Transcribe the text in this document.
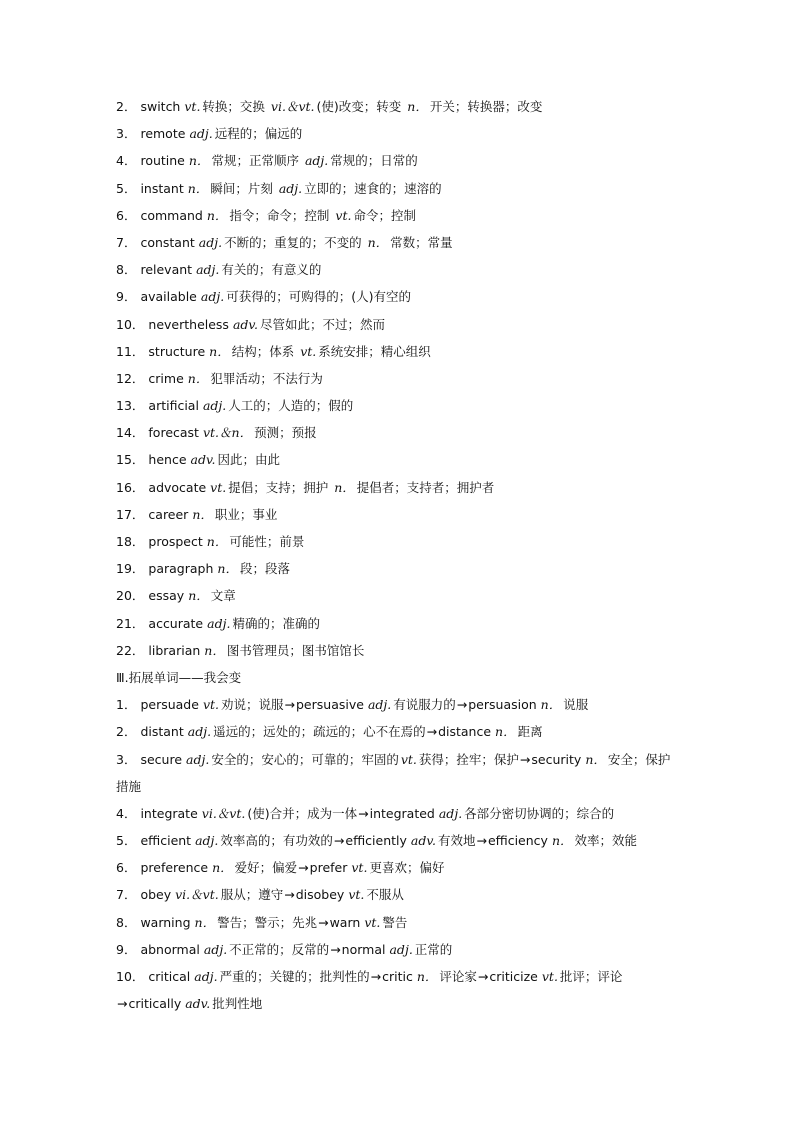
2． switch vt. 转换；交换 vi.＆vt. (使)改变；转变 n． 开关；转换器；改变
3． remote adj. 远程的；偏远的
4． routine n． 常规；正常顺序 adj. 常规的；日常的
5． instant n． 瞬间；片刻 adj. 立即的；速食的；速溶的
6． command n． 指令；命令；控制 vt. 命令；控制
7． constant adj. 不断的；重复的；不变的 n． 常数；常量
8． relevant adj. 有关的；有意义的
9． available adj. 可获得的；可购得的；(人)有空的
10． nevertheless adv. 尽管如此；不过；然而
11． structure n． 结构；体系 vt. 系统安排；精心组织
12． crime n． 犯罪活动；不法行为
13． artificial adj. 人工的；人造的；假的
14． forecast vt.＆n． 预测；预报
15． hence adv. 因此；由此
16． advocate vt. 提倡；支持；拥护 n． 提倡者；支持者；拥护者
17． career n． 职业；事业
18． prospect n． 可能性；前景
19． paragraph n． 段；段落
20． essay n． 文章
21． accurate adj. 精确的；准确的
22． librarian n． 图书管理员；图书馆馆长
Ⅲ.拓展单词——我会变
1． persuade vt. 劝说；说服→persuasive adj. 有说服力的→persuasion n． 说服
2． distant adj. 遥远的；远处的；疏远的；心不在焉的→distance n． 距离
3． secure adj. 安全的；安心的；可靠的；牢固的 vt. 获得；拴牢；保护→security n． 安全；保护措施
4． integrate vi.＆vt. (使)合并；成为一体→integrated adj. 各部分密切协调的；综合的
5． efficient adj. 效率高的；有功效的→efficiently adv. 有效地→efficiency n． 效率；效能
6． preference n． 爱好；偏爱→prefer vt. 更喜欢；偏好
7． obey vi.＆vt. 服从；遵守→disobey vt. 不服从
8． warning n． 警告；警示；先兆→warn vt. 警告
9． abnormal adj. 不正常的；反常的→normal adj. 正常的
10． critical adj. 严重的；关键的；批判性的→critic n． 评论家→criticize vt. 批评；评论→critically adv. 批判性地
